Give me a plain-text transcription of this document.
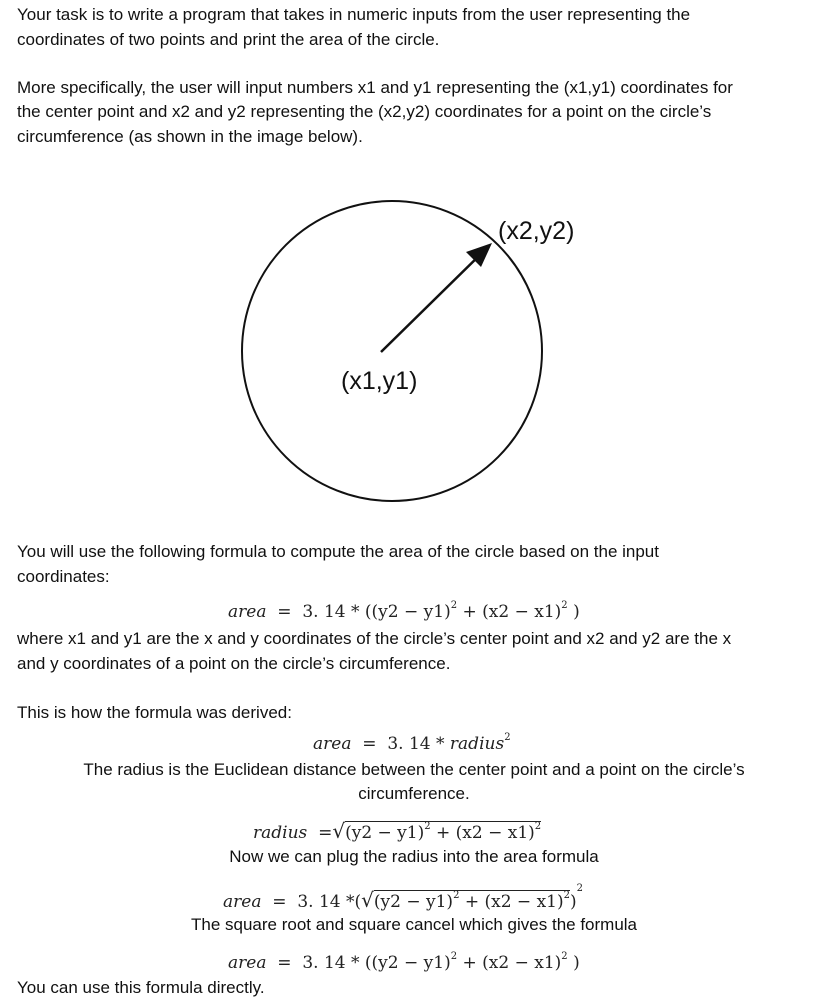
Your task is to write a program that takes in numeric inputs from the user representing the
coordinates of two points and print the area of the circle.
More specifically, the user will input numbers x1 and y1 representing the (x1,y1) coordinates for
the center point and x2 and y2 representing the (x2,y2) coordinates for a point on the circle’s
circumference (as shown in the image below).
(x1,y1)
(x2,y2)
You will use the following formula to compute the area of the circle based on the input
coordinates:
area = 3. $14 * ((y2 - y1)^2 + (x2 - x1)^2$ )
where x1 and y1 are the x and y coordinates of the circle’s center point and x2 and y2 are the x
and y coordinates of a point on the circle’s circumference.
This is how the formula was derived:
area = 3. 14 * radius$^2$
The radius is the Euclidean distance between the center point and a point on the circle’s
circumference.
radius $=√(y2 - y1)^2 + (x2 - x1)^2$
Now we can plug the radius into the area formula
area = 3. 14 $*(√(y2 - y1)^2 + (x2 - x1)^2)^2$
The square root and square cancel which gives the formula
area = 3. $14 * ((y2 - y1)^2 + (x2 - x1)^2$ )
You can use this formula directly.
